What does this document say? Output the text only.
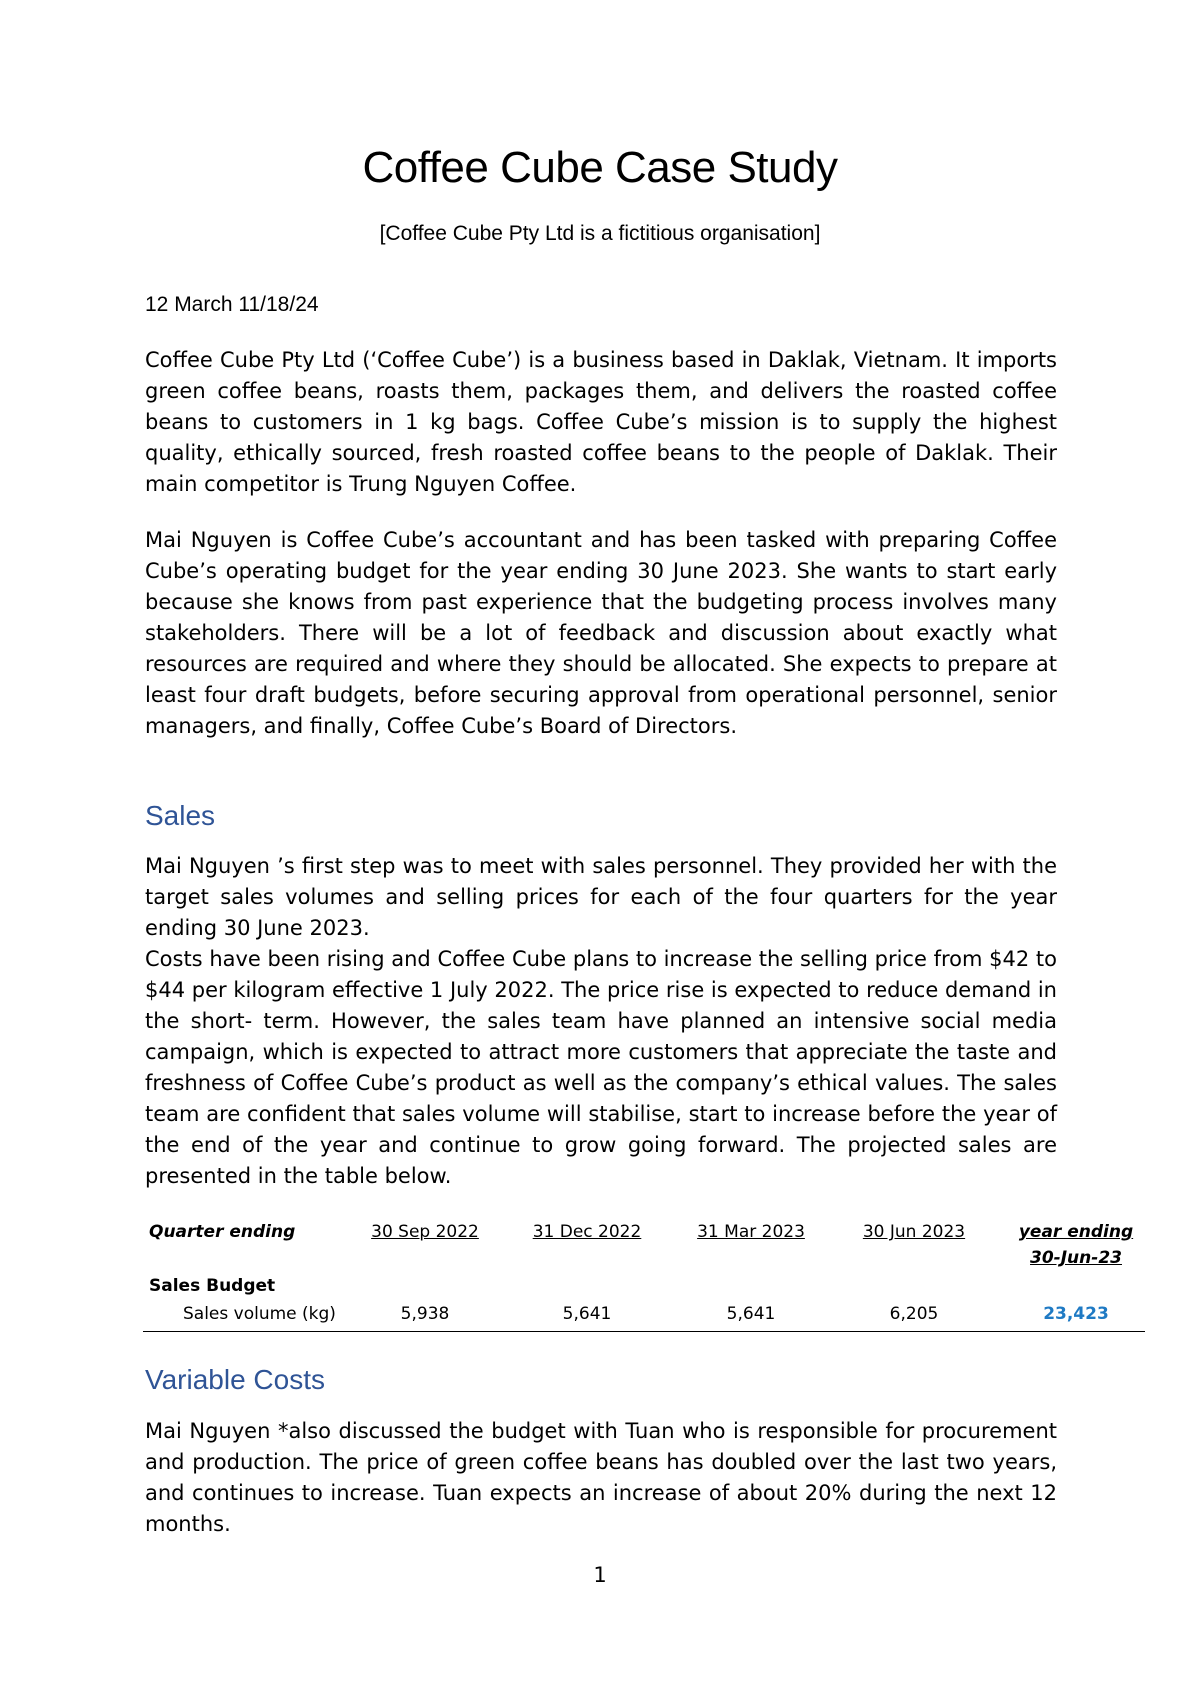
Coffee Cube Case Study

[Coffee Cube Pty Ltd is a fictitious organisation]

12 March 11/18/24

Coffee Cube Pty Ltd (‘Coffee Cube’) is a business based in Daklak, Vietnam. It imports green coffee beans, roasts them, packages them, and delivers the roasted coffee beans to customers in 1 kg bags. Coffee Cube’s mission is to supply the highest quality, ethically sourced, fresh roasted coffee beans to the people of Daklak. Their main competitor is Trung Nguyen Coffee.

Mai Nguyen is Coffee Cube’s accountant and has been tasked with preparing Coffee Cube’s operating budget for the year ending 30 June 2023. She wants to start early because she knows from past experience that the budgeting process involves many stakeholders. There will be a lot of feedback and discussion about exactly what resources are required and where they should be allocated. She expects to prepare at least four draft budgets, before securing approval from operational personnel, senior managers, and finally, Coffee Cube’s Board of Directors.

Sales

Mai Nguyen ’s first step was to meet with sales personnel. They provided her with the target sales volumes and selling prices for each of the four quarters for the year ending 30 June 2023.

Costs have been rising and Coffee Cube plans to increase the selling price from $42 to $44 per kilogram effective 1 July 2022. The price rise is expected to reduce demand in the short- term. However, the sales team have planned an intensive social media campaign, which is expected to attract more customers that appreciate the taste and freshness of Coffee Cube’s product as well as the company’s ethical values. The sales team are confident that sales volume will stabilise, start to increase before the year of the end of the year and continue to grow going forward. The projected sales are presented in the table below.

Quarter ending	30 Sep 2022	31 Dec 2022	31 Mar 2023	30 Jun 2023	year ending
30-Jun-23
Sales Budget
Sales volume (kg)	5,938	5,641	5,641	6,205	23,423
Variable Costs

Mai Nguyen *also discussed the budget with Tuan who is responsible for procurement and production. The price of green coffee beans has doubled over the last two years, and continues to increase. Tuan expects an increase of about 20% during the next 12 months.

1
